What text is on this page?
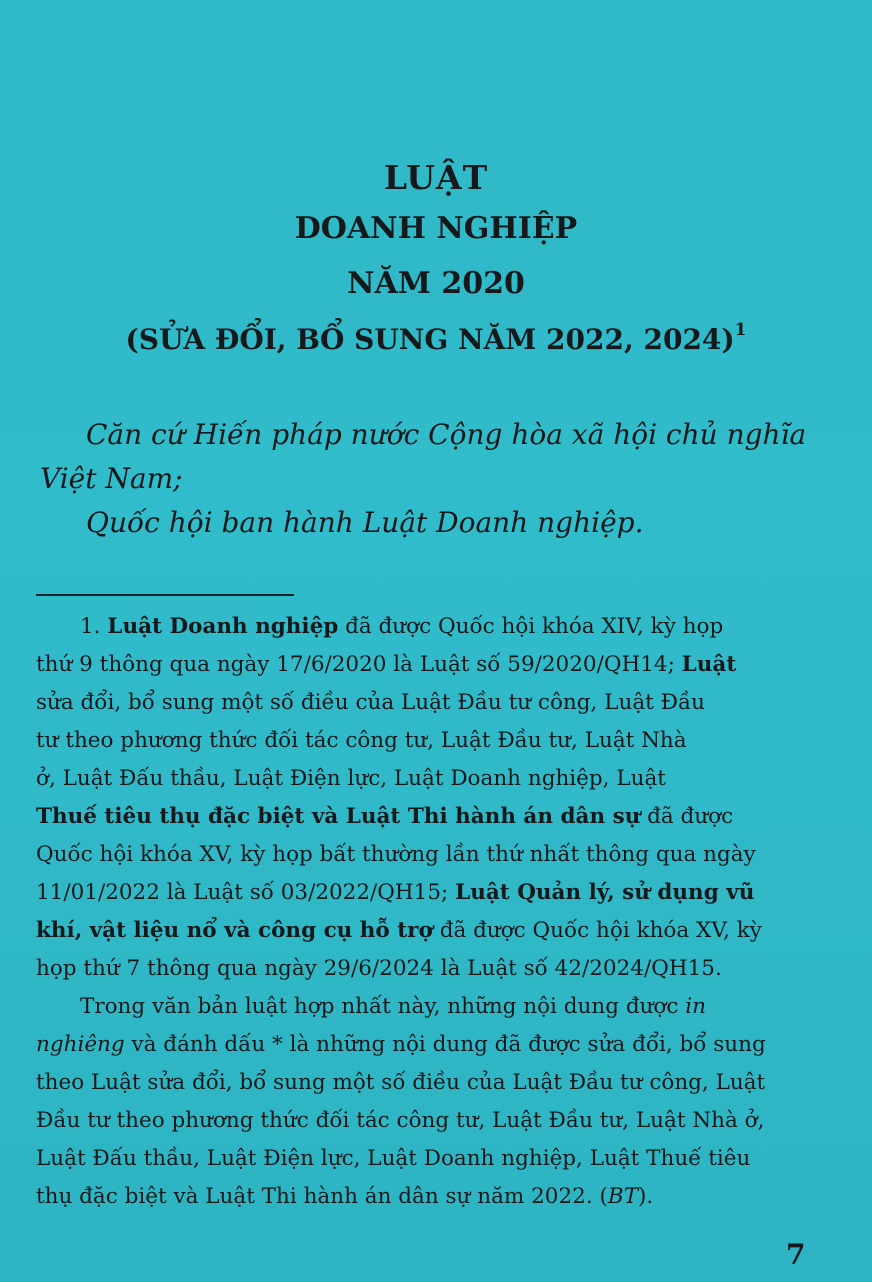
LUẬT
DOANH NGHIỆP
NĂM 2020
(SỬA ĐỔI, BỔ SUNG NĂM 2022, 2024)$^1$
Căn cứ Hiến pháp nước Cộng hòa xã hội chủ nghĩa
Việt Nam;
Quốc hội ban hành Luật Doanh nghiệp.
1. Luật Doanh nghiệp đã được Quốc hội khóa XIV, kỳ họp
thứ 9 thông qua ngày 17/6/2020 là Luật số 59/2020/QH14; Luật
sửa đổi, bổ sung một số điều của Luật Đầu tư công, Luật Đầu
tư theo phương thức đối tác công tư, Luật Đầu tư, Luật Nhà
ở, Luật Đấu thầu, Luật Điện lực, Luật Doanh nghiệp, Luật
Thuế tiêu thụ đặc biệt và Luật Thi hành án dân sự đã được
Quốc hội khóa XV, kỳ họp bất thường lần thứ nhất thông qua ngày
11/01/2022 là Luật số 03/2022/QH15; Luật Quản lý, sử dụng vũ
khí, vật liệu nổ và công cụ hỗ trợ đã được Quốc hội khóa XV, kỳ
họp thứ 7 thông qua ngày 29/6/2024 là Luật số 42/2024/QH15.
Trong văn bản luật hợp nhất này, những nội dung được in
nghiêng và đánh dấu * là những nội dung đã được sửa đổi, bổ sung
theo Luật sửa đổi, bổ sung một số điều của Luật Đầu tư công, Luật
Đầu tư theo phương thức đối tác công tư, Luật Đầu tư, Luật Nhà ở,
Luật Đấu thầu, Luật Điện lực, Luật Doanh nghiệp, Luật Thuế tiêu
thụ đặc biệt và Luật Thi hành án dân sự năm 2022. (BT).
7
